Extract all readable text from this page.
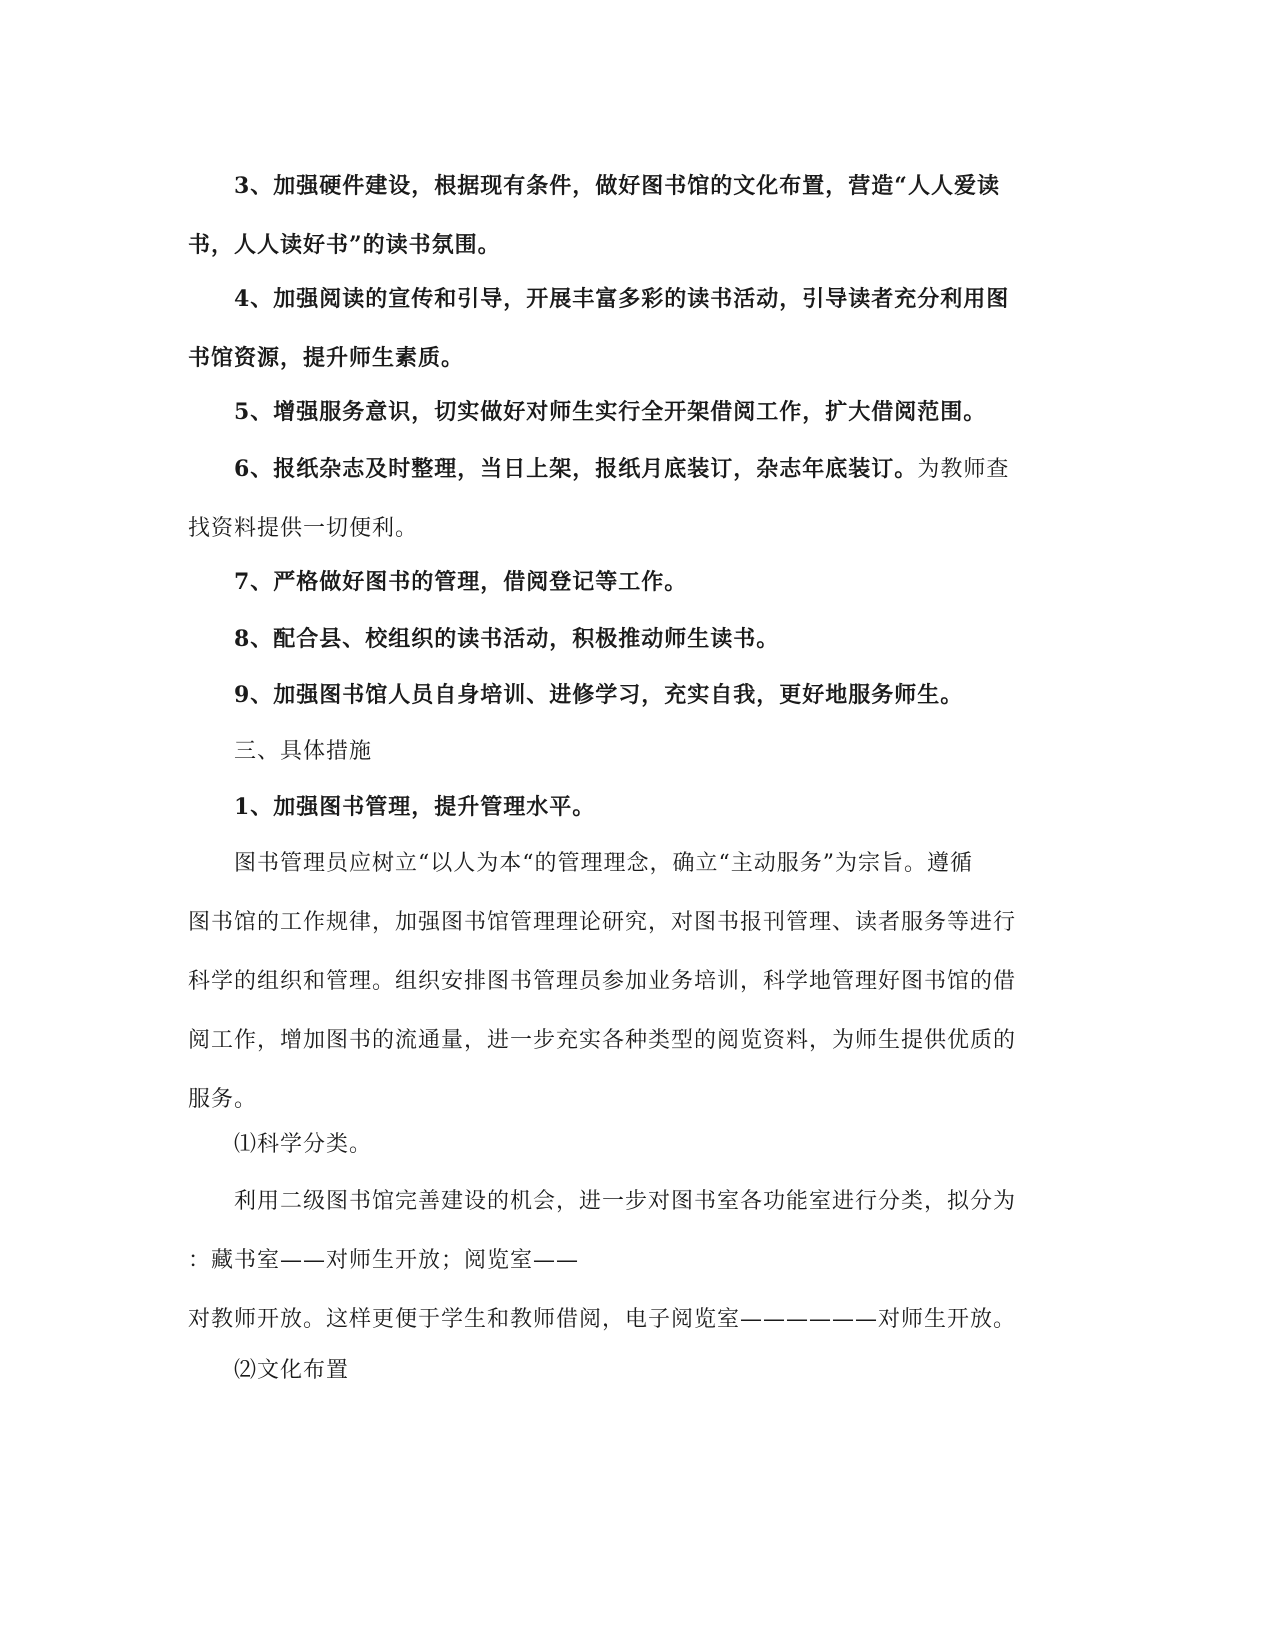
3、加强硬件建设，根据现有条件，做好图书馆的文化布置，营造“人人爱读
书，人人读好书”的读书氛围。

4、加强阅读的宣传和引导，开展丰富多彩的读书活动，引导读者充分利用图
书馆资源，提升师生素质。

5、增强服务意识，切实做好对师生实行全开架借阅工作，扩大借阅范围。

6、报纸杂志及时整理，当日上架，报纸月底装订，杂志年底装订。为教师查
找资料提供一切便利。

7、严格做好图书的管理，借阅登记等工作。

8、配合县、校组织的读书活动，积极推动师生读书。

9、加强图书馆人员自身培训、进修学习，充实自我，更好地服务师生。

三、具体措施

1、加强图书管理，提升管理水平。

图书管理员应树立“以人为本“的管理理念，确立“主动服务”为宗旨。遵循
图书馆的工作规律，加强图书馆管理理论研究，对图书报刊管理、读者服务等进行
科学的组织和管理。组织安排图书管理员参加业务培训，科学地管理好图书馆的借
阅工作，增加图书的流通量，进一步充实各种类型的阅览资料，为师生提供优质的
服务。

⑴科学分类。

利用二级图书馆完善建设的机会，进一步对图书室各功能室进行分类，拟分为
：藏书室——对师生开放；阅览室——
对教师开放。这样更便于学生和教师借阅，电子阅览室——————对师生开放。

⑵文化布置
